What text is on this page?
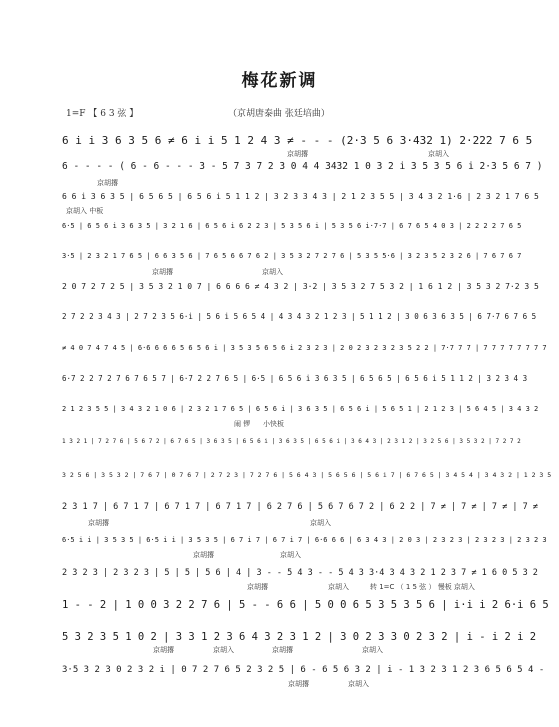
梅花新调
1=F 【 6 3 弦 】	（京胡唐泰曲 张廷培曲）
6 i̇ i̇ 3 6 3 5 6 ≠ 6 i̇ i̇ 5 1 2 4 3 ≠ - - - (2·3 5 6 3·432 1) 2·222 7 6 5
6 - - - - ( 6 - 6 - - - 3 - 5 7 3 7 2 3 0 4 4 3432 1 0 3 2 i̇ 3 5 3 5 6 i̇ 2·3 5 6 7 )
6 6 i̇ 3 6 3 5 | 6 5 6 5 | 6 5 6 i̇ 5 1 1 2 | 3 2 3 3 4 3 | 2 1 2 3 5 5 | 3 4 3 2 1·6 | 2 3 2 1 7 6 5
6·5 | 6 5 6 i̇ 3 6 3 5 | 3 2 1 6 | 6 5 6 i̇ 6 2 2 3 | 5 3 5 6 i̇ | 5 3 5 6 i̇·7·7 | 6 7 6 5 4 0 3 | 2 2 2 2 7 6 5
3·5 | 2 3 2 1 7 6 5 | 6 6 3 5 6 | 7 6 5 6 6 7 6 2 | 3 5 3 2 7 2 7 6 | 5 3 5 5·6 | 3 2 3 5 2 3 2 6 | 7 6 7 6 7
2 0 7 2 7 2 5 | 3 5 3 2 1 0 7 | 6 6 6 6 ≠ 4 3 2 | 3·2 | 3 5 3 2 7 5 3 2 | 1 6 1 2 | 3 5 3 2 7·2 3 5
2 7 2 2 3 4 3 | 2 7 2 3 5 6·i̇ | 5 6 i̇ 5 6 5 4 | 4 3 4 3 2 1 2 3 | 5 1 1 2 | 3 0 6 3 6 3 5 | 6 7·7 6 7 6 5
≠ 4 0 7 4 7 4 5 | 6·6 6 6 6 5 6 5 6 i̇ | 3 5 3 5 6 5 6 i̇ 2 3 2 3 | 2 0 2 3 2 3 2 3 5 2 2 | 7·7 7 7 | 7 7 7 7 7 7 7 7
6·7 2 2 7 2 7 6 7 6 5 7 | 6·7 2 2 7 6 5 | 6·5 | 6 5 6 i̇ 3 6 3 5 | 6 5 6 5 | 6 5 6 i̇ 5 1 1 2 | 3 2 3 4 3
2 1 2 3 5 5 | 3 4 3 2 1 0 6 | 2 3 2 1 7 6 5 | 6 5 6 i̇ | 3 6 3 5 | 6 5 6 i̇ | 5 6 5 1 | 2 1 2 3 | 5 6 4 5 | 3 4 3 2
1 3 2 1 | 7 2 7 6 | 5 6 7 2 | 6 7 6 5 | 3 6 3 5 | 6 5 6 i̇ | 3 6 3 5 | 6 5 6 i̇ | 3 6 4 3 | 2 3 1 2 | 3 2 5 6 | 3 5 3 2 | 7 2 7 2
3 2 5 6 | 3 5 3 2 | 7 6 7 | 0 7 6 7 | 2 7 2 3 | 7 2 7 6 | 5 6 4 3 | 5 6 5 6 | 5 6 i̇ 7 | 6 7 6 5 | 3 4 5 4 | 3 4 3 2 | 1 2 3 5
2 3 1 7 | 6 7 1 7 | 6 7 1 7 | 6 7 1 7 | 6 2 7 6 | 5 6 7 6 7 2 | 6 2 2 | 7 ≠ | 7 ≠ | 7 ≠ | 7 ≠
6·5 i̇ i̇ | 3 5 3 5 | 6·5 i̇ i̇ | 3 5 3 5 | 6 7 i̇ 7 | 6 7 i̇ 7 | 6·6 6 6 | 6 3 4 3 | 2 0 3 | 2 3 2 3 | 2 3 2 3 | 2 3 2 3
2 3 2 3 | 2 3 2 3 | 5 | 5 | 5 6 | 4 | 3 - - 5 4 3 - - 5 4 3 3·4 3 4 3 2 1 2 3 7 ≠ 1 6 0 5 3 2
1 - - 2 | 1 0 0 3 2 2 7 6 | 5 - - 6 6 | 5 0 0 6 5 3 5 3 5 6 | i̇·i̇ i̇ 2 6·i̇ 6 5
5 3 2 3 5 1 0 2 | 3 3 1 2 3 6 4 3 2 3 1 2 | 3 0 2 3 3 0 2 3 2 | i̇ - i̇ 2 i̇ 2
3·5 3 2 3 0 2 3 2 i̇ | 0 7 2 7 6 5 2 3 2 5 | 6 - 6 5 6 3 2 | i̇ - 1 3 2 3 1 2 3 6 5 6 5 4 -
京胡撂	京胡入
京胡撂
京胡入 中板
京胡撂	京胡入
闹 锣 小快板
京胡撂	京胡入
京胡撂	京胡入
京胡撂	京胡入	转 1=C （ 1 5 弦 ） 慢板 京胡入
京胡撂	京胡入	京胡撂	京胡入
京胡撂	京胡入
